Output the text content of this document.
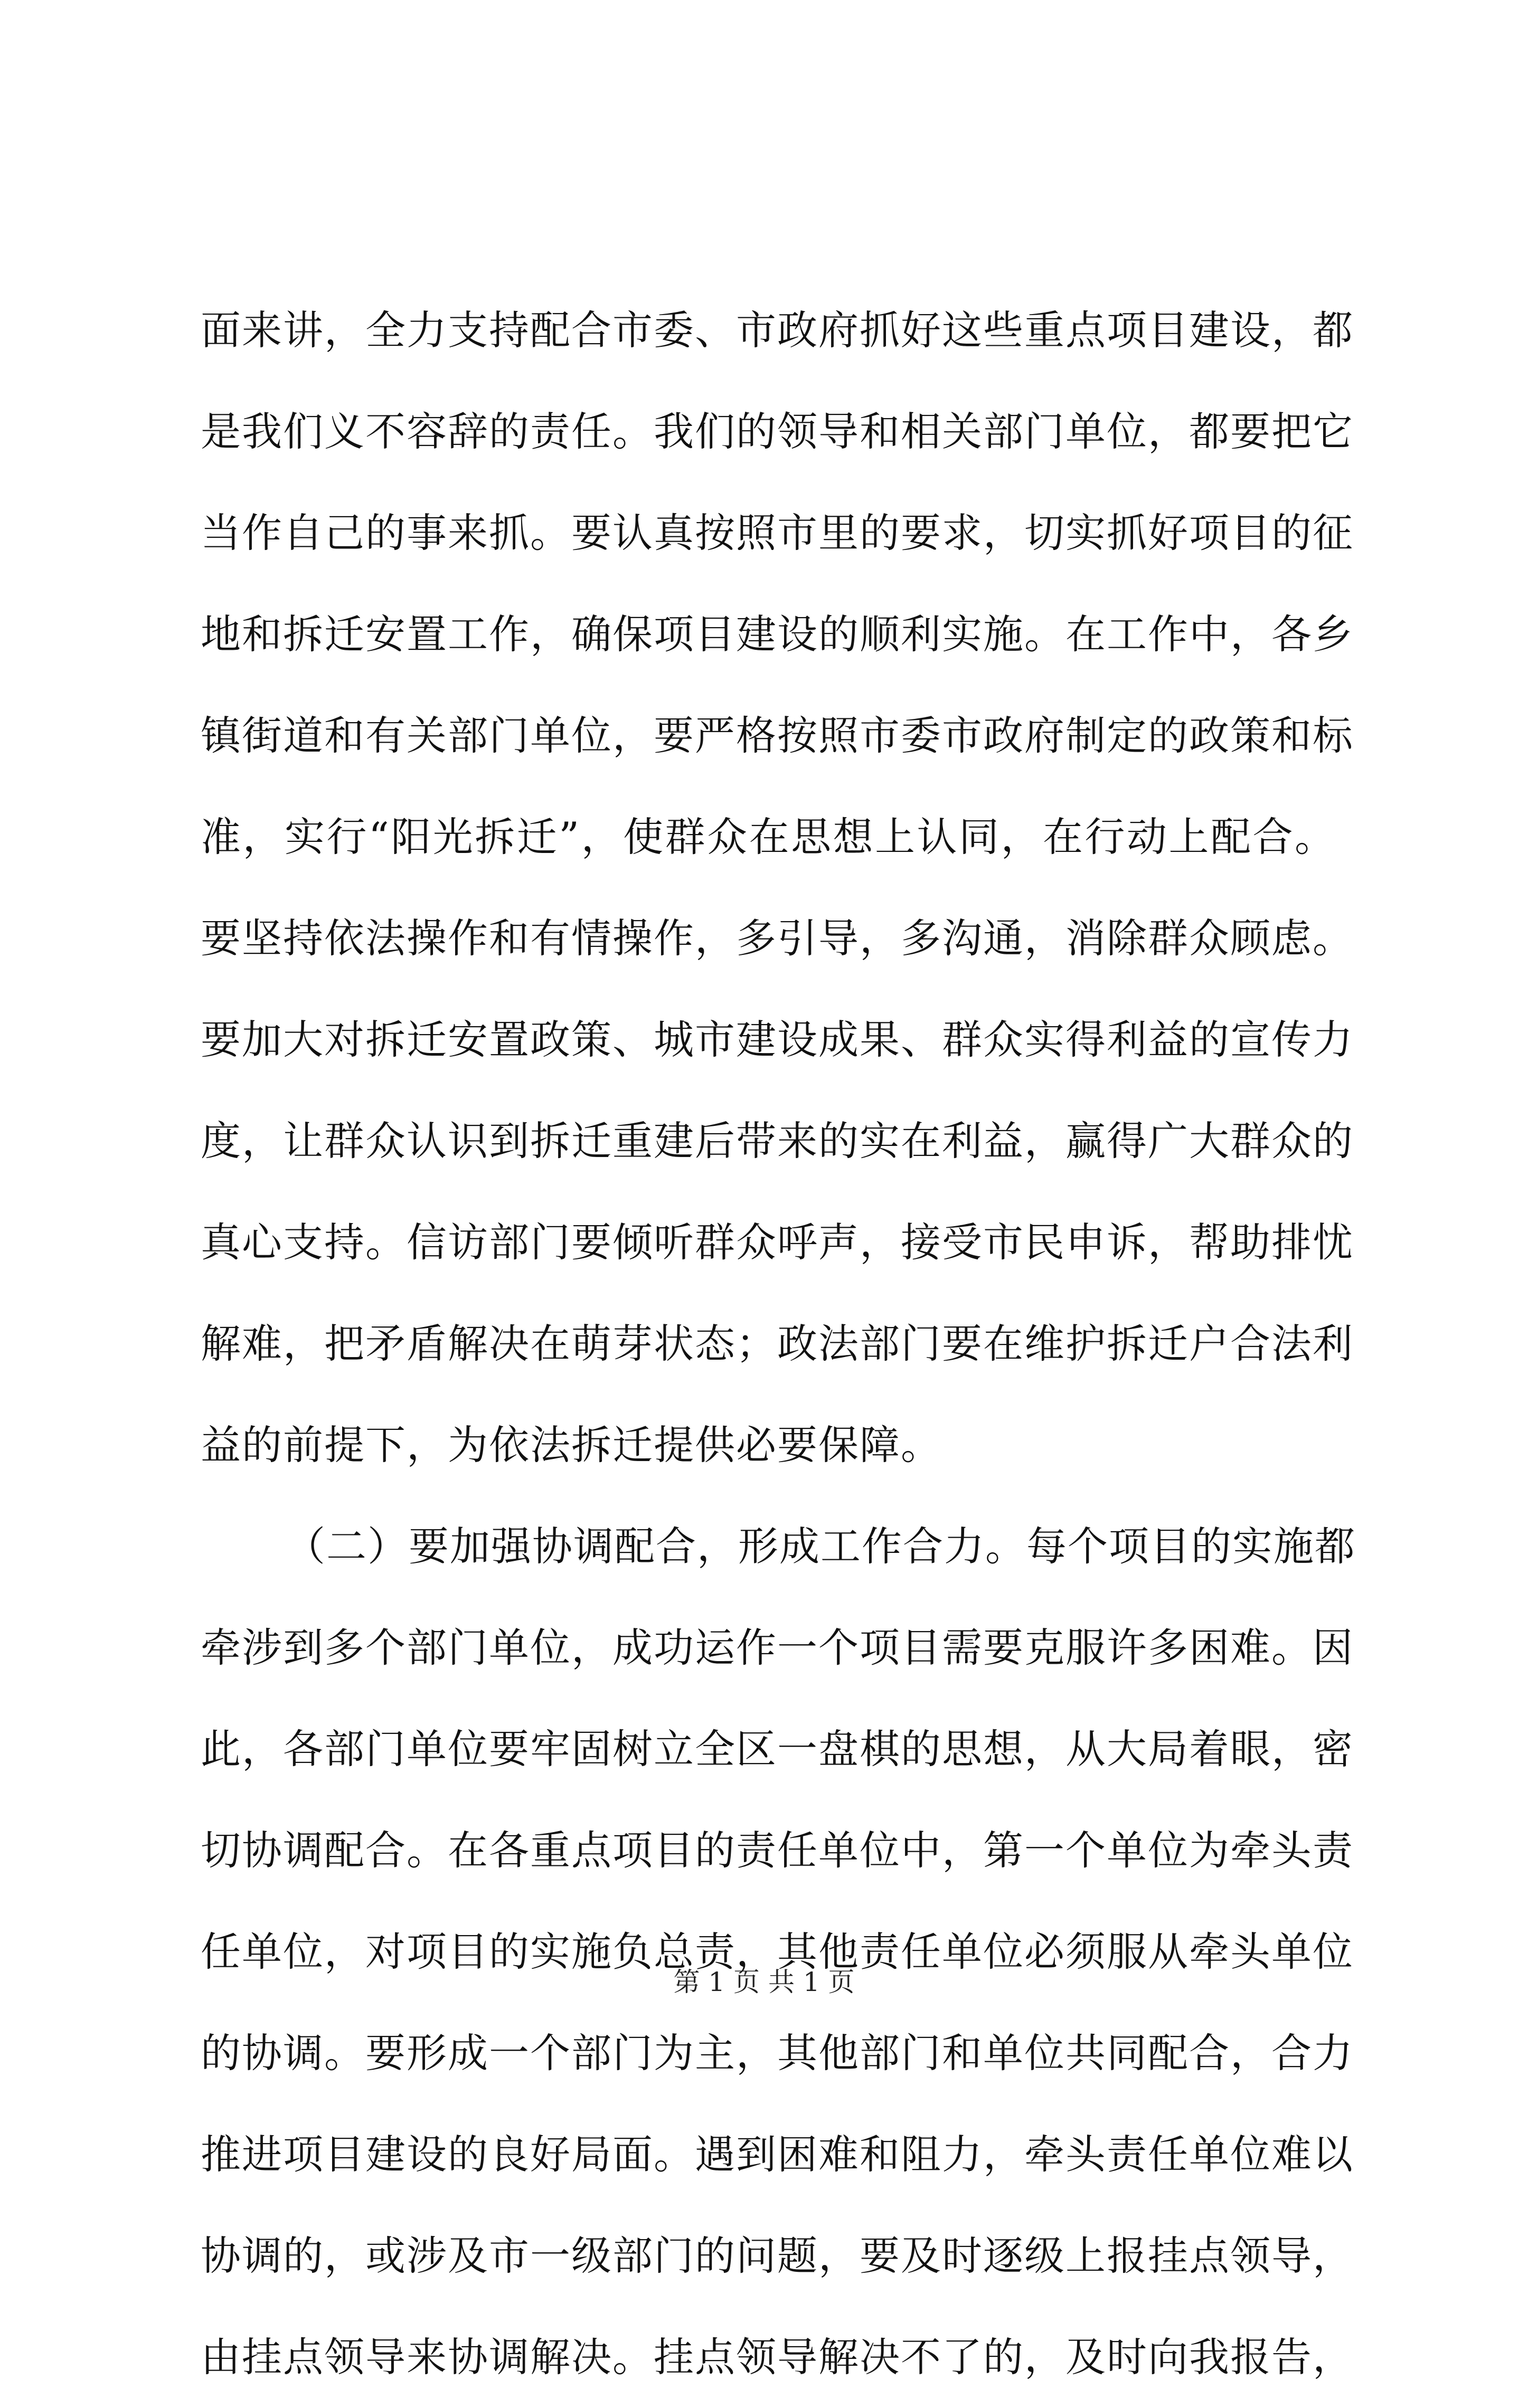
面来讲，全力支持配合市委、市政府抓好这些重点项目建设，都
是我们义不容辞的责任。我们的领导和相关部门单位，都要把它
当作自己的事来抓。要认真按照市里的要求，切实抓好项目的征
地和拆迁安置工作，确保项目建设的顺利实施。在工作中，各乡
镇街道和有关部门单位，要严格按照市委市政府制定的政策和标
准，实行“阳光拆迁”，使群众在思想上认同，在行动上配合。
要坚持依法操作和有情操作，多引导，多沟通，消除群众顾虑。
要加大对拆迁安置政策、城市建设成果、群众实得利益的宣传力
度，让群众认识到拆迁重建后带来的实在利益，赢得广大群众的
真心支持。信访部门要倾听群众呼声，接受市民申诉，帮助排忧
解难，把矛盾解决在萌芽状态；政法部门要在维护拆迁户合法利
益的前提下，为依法拆迁提供必要保障。
（二）要加强协调配合，形成工作合力。每个项目的实施都
牵涉到多个部门单位，成功运作一个项目需要克服许多困难。因
此，各部门单位要牢固树立全区一盘棋的思想，从大局着眼，密
切协调配合。在各重点项目的责任单位中，第一个单位为牵头责
任单位，对项目的实施负总责，其他责任单位必须服从牵头单位
的协调。要形成一个部门为主，其他部门和单位共同配合，合力
推进项目建设的良好局面。遇到困难和阻力，牵头责任单位难以
协调的，或涉及市一级部门的问题，要及时逐级上报挂点领导，
由挂点领导来协调解决。挂点领导解决不了的，及时向我报告，
第 1 页 共 1 页
